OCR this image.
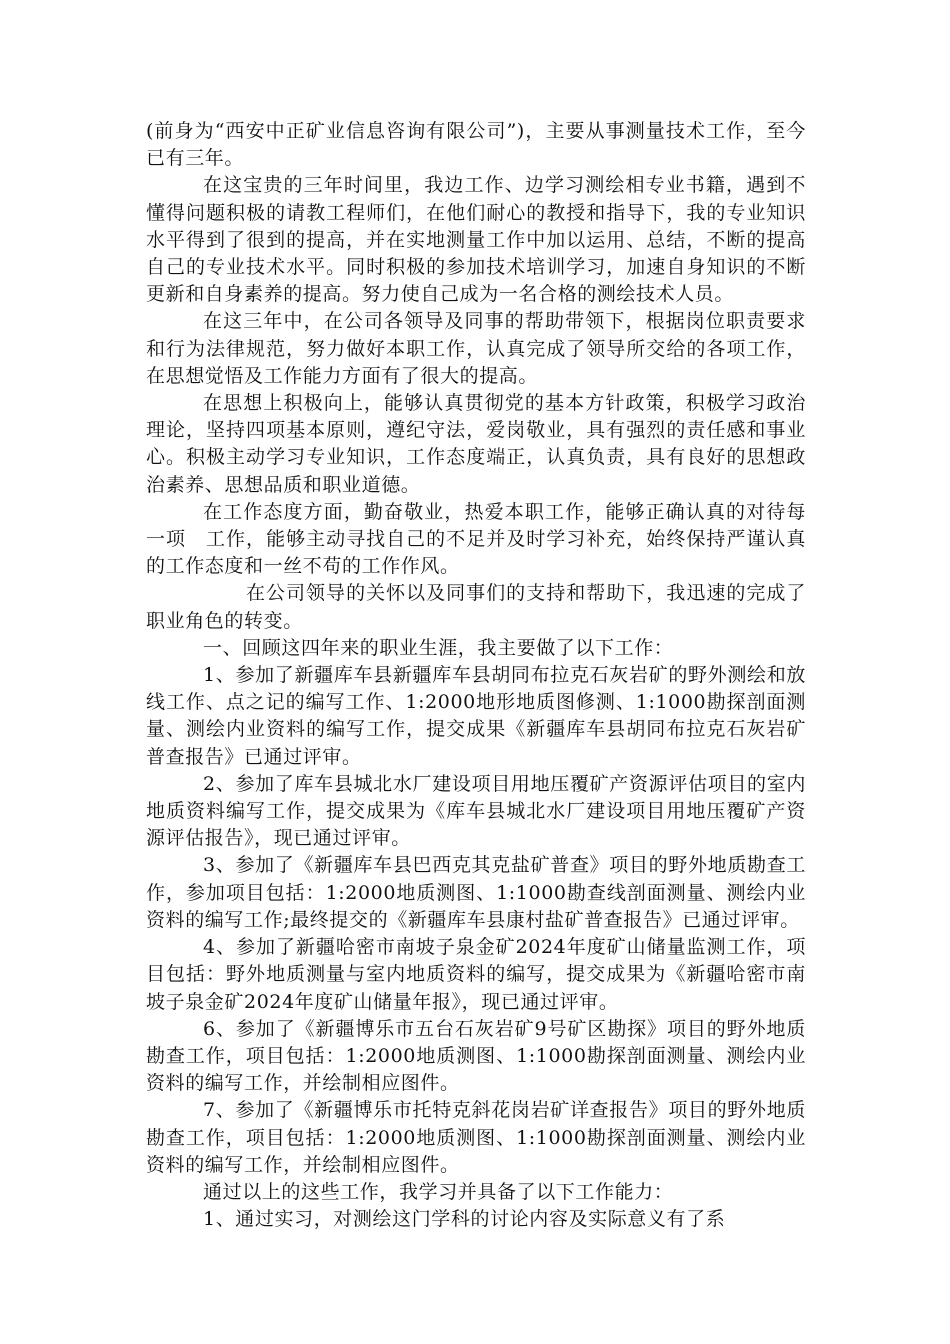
(前身为“西安中正矿业信息咨询有限公司”)，主要从事测量技术工作，至今已有三年。

在这宝贵的三年时间里，我边工作、边学习测绘相专业书籍，遇到不懂得问题积极的请教工程师们，在他们耐心的教授和指导下，我的专业知识水平得到了很到的提高，并在实地测量工作中加以运用、总结，不断的提高自己的专业技术水平。同时积极的参加技术培训学习，加速自身知识的不断更新和自身素养的提高。努力使自己成为一名合格的测绘技术人员。

在这三年中，在公司各领导及同事的帮助带领下，根据岗位职责要求和行为法律规范，努力做好本职工作，认真完成了领导所交给的各项工作，在思想觉悟及工作能力方面有了很大的提高。

在思想上积极向上，能够认真贯彻党的基本方针政策，积极学习政治理论，坚持四项基本原则，遵纪守法，爱岗敬业，具有强烈的责任感和事业心。积极主动学习专业知识，工作态度端正，认真负责，具有良好的思想政治素养、思想品质和职业道德。

在工作态度方面，勤奋敬业，热爱本职工作，能够正确认真的对待每一项　工作，能够主动寻找自己的不足并及时学习补充，始终保持严谨认真的工作态度和一丝不苟的工作作风。

在公司领导的关怀以及同事们的支持和帮助下，我迅速的完成了职业角色的转变。

一、回顾这四年来的职业生涯，我主要做了以下工作：

1、参加了新疆库车县新疆库车县胡同布拉克石灰岩矿的野外测绘和放线工作、点之记的编写工作、1:2000地形地质图修测、1:1000勘探剖面测量、测绘内业资料的编写工作，提交成果《新疆库车县胡同布拉克石灰岩矿普查报告》已通过评审。

2、参加了库车县城北水厂建设项目用地压覆矿产资源评估项目的室内地质资料编写工作，提交成果为《库车县城北水厂建设项目用地压覆矿产资源评估报告》，现已通过评审。

3、参加了《新疆库车县巴西克其克盐矿普查》项目的野外地质勘查工作，参加项目包括：1:2000地质测图、1:1000勘查线剖面测量、测绘内业资料的编写工作;最终提交的《新疆库车县康村盐矿普查报告》已通过评审。

4、参加了新疆哈密市南坡子泉金矿2024年度矿山储量监测工作，项目包括：野外地质测量与室内地质资料的编写，提交成果为《新疆哈密市南坡子泉金矿2024年度矿山储量年报》，现已通过评审。

6、参加了《新疆博乐市五台石灰岩矿9号矿区勘探》项目的野外地质勘查工作，项目包括：1:2000地质测图、1:1000勘探剖面测量、测绘内业资料的编写工作，并绘制相应图件。

7、参加了《新疆博乐市托特克斜花岗岩矿详查报告》项目的野外地质勘查工作，项目包括：1:2000地质测图、1:1000勘探剖面测量、测绘内业资料的编写工作，并绘制相应图件。

通过以上的这些工作，我学习并具备了以下工作能力：

1、通过实习，对测绘这门学科的讨论内容及实际意义有了系
